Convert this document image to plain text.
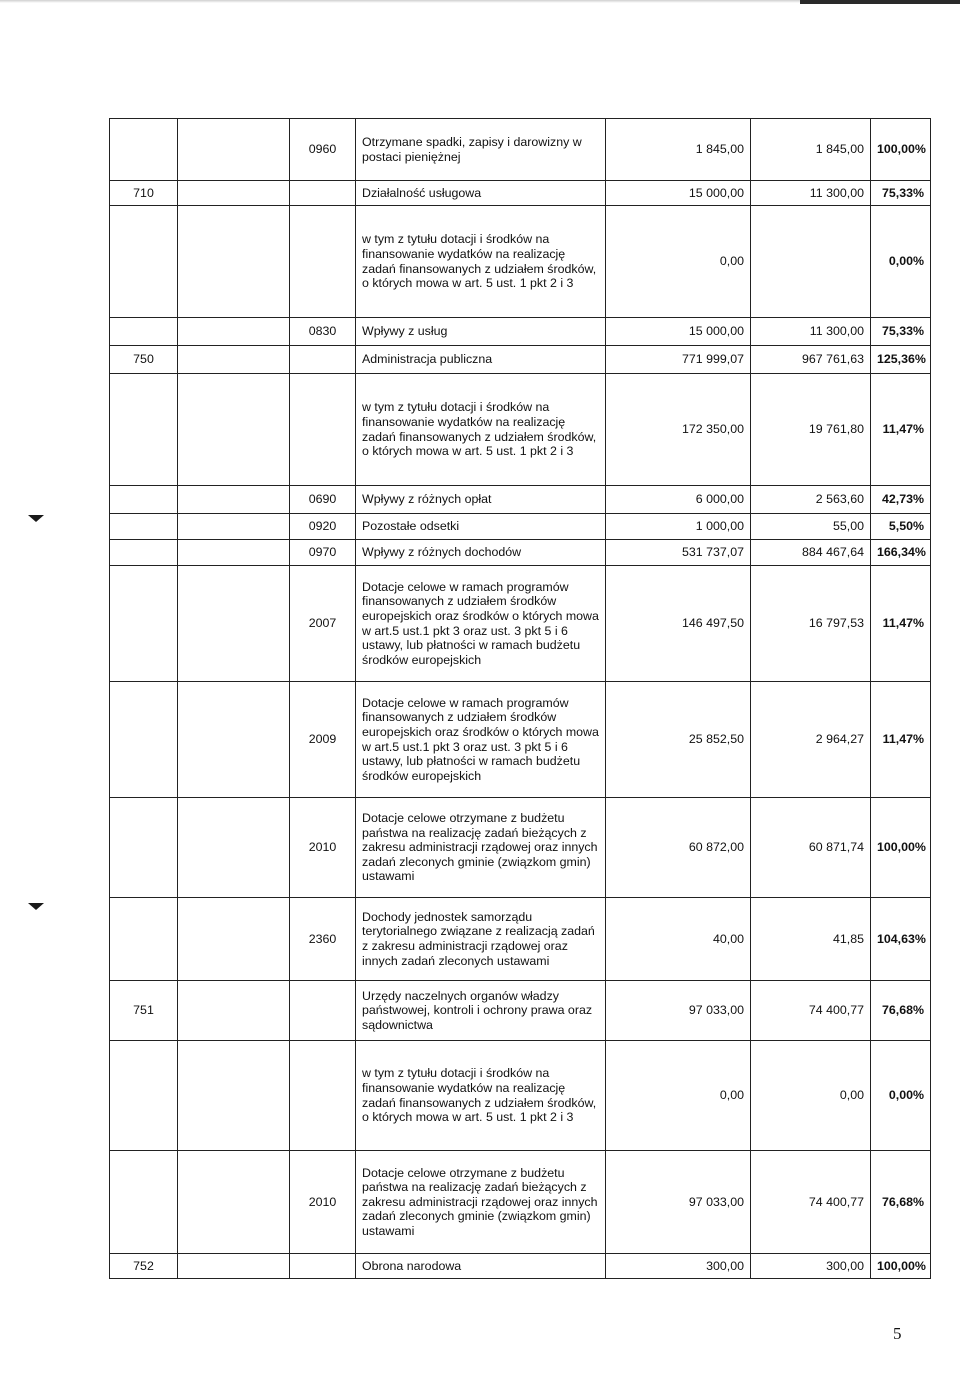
		0960	Otrzymane spadki, zapisy i darowizny w postaci pieniężnej	1 845,00	1 845,00	100,00%
710			Działalność usługowa	15 000,00	11 300,00	75,33%
			w tym z tytułu dotacji i środków na finansowanie wydatków na realizację zadań finansowanych z udziałem środków, o których mowa w art. 5 ust. 1 pkt 2 i 3	0,00		0,00%
		0830	Wpływy z usług	15 000,00	11 300,00	75,33%
750			Administracja publiczna	771 999,07	967 761,63	125,36%
			w tym z tytułu dotacji i środków na finansowanie wydatków na realizację zadań finansowanych z udziałem środków, o których mowa w art. 5 ust. 1 pkt 2 i 3	172 350,00	19 761,80	11,47%
		0690	Wpływy z różnych opłat	6 000,00	2 563,60	42,73%
		0920	Pozostałe odsetki	1 000,00	55,00	5,50%
		0970	Wpływy z różnych dochodów	531 737,07	884 467,64	166,34%
		2007	Dotacje celowe w ramach programów finansowanych z udziałem środków europejskich oraz środków o których mowa w art.5 ust.1 pkt 3 oraz ust. 3 pkt 5 i 6 ustawy, lub płatności w ramach budżetu środków europejskich	146 497,50	16 797,53	11,47%
		2009	Dotacje celowe w ramach programów finansowanych z udziałem środków europejskich oraz środków o których mowa w art.5 ust.1 pkt 3 oraz ust. 3 pkt 5 i 6 ustawy, lub płatności w ramach budżetu środków europejskich	25 852,50	2 964,27	11,47%
		2010	Dotacje celowe otrzymane z budżetu państwa na realizację zadań bieżących z zakresu administracji rządowej oraz innych zadań zleconych gminie (związkom gmin) ustawami	60 872,00	60 871,74	100,00%
		2360	Dochody jednostek samorządu terytorialnego związane z realizacją zadań z zakresu administracji rządowej oraz innych zadań zleconych ustawami	40,00	41,85	104,63%
751			Urzędy naczelnych organów władzy państwowej, kontroli i ochrony prawa oraz sądownictwa	97 033,00	74 400,77	76,68%
			w tym z tytułu dotacji i środków na finansowanie wydatków na realizację zadań finansowanych z udziałem środków, o których mowa w art. 5 ust. 1 pkt 2 i 3	0,00	0,00	0,00%
		2010	Dotacje celowe otrzymane z budżetu państwa na realizację zadań bieżących z zakresu administracji rządowej oraz innych zadań zleconych gminie (związkom gmin) ustawami	97 033,00	74 400,77	76,68%
752			Obrona narodowa	300,00	300,00	100,00%
5
